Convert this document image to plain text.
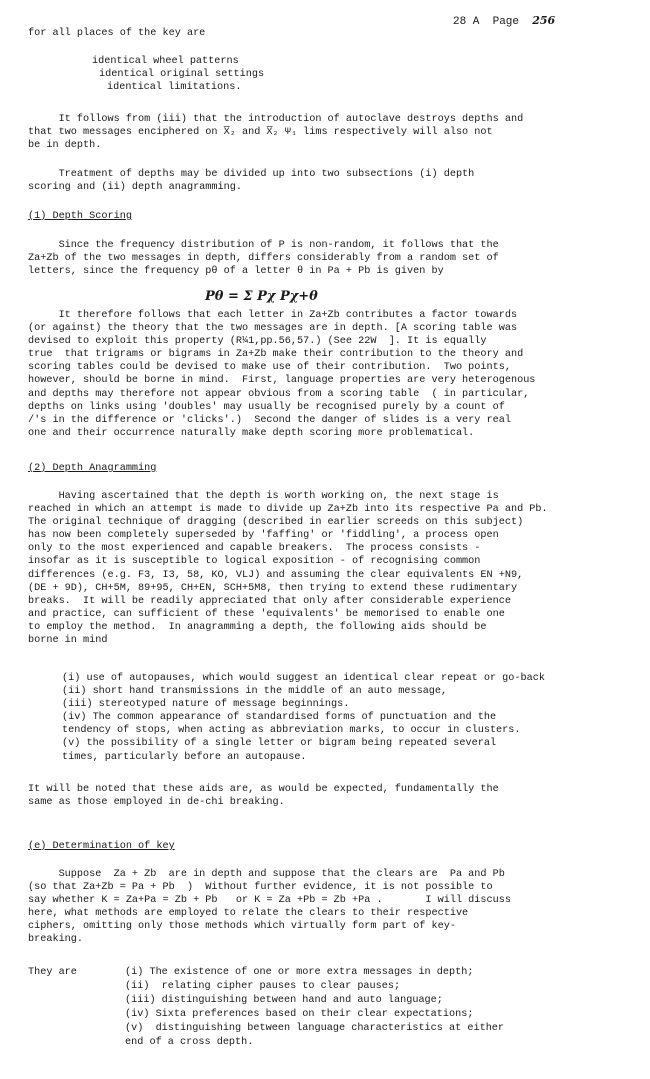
28 A Page 256
for all places of the key are
identical wheel patterns
identical original settings
identical limitations.
It follows from (iii) that the introduction of autoclave destroys depths and
that two messages enciphered on X̅₂ and X̅₂ Ψ₁ lims respectively will also not
be in depth.
Treatment of depths may be divided up into two subsections (i) depth
scoring and (ii) depth anagramming.
(1) Depth Scoring
Since the frequency distribution of P is non-random, it follows that the
Za+Zb of the two messages in depth, differs considerably from a random set of
letters, since the frequency pθ of a letter θ in Pa + Pb is given by
Pθ = Σ Pχ Pχ+θ
It therefore follows that each letter in Za+Zb contributes a factor towards
(or against) the theory that the two messages are in depth. [A scoring table was
devised to exploit this property (R¼1,pp.56,57.) (See 22W  ]. It is equally
true  that trigrams or bigrams in Za+Zb make their contribution to the theory and
scoring tables could be devised to make use of their contribution.  Two points,
however, should be borne in mind.  First, language properties are very heterogenous
and depths may therefore not appear obvious from a scoring table  ( in particular,
depths on links using 'doubles' may usually be recognised purely by a count of
/'s in the difference or 'clicks'.)  Second the danger of slides is a very real
one and their occurrence naturally make depth scoring more problematical.
(2) Depth Anagramming
Having ascertained that the depth is worth working on, the next stage is
reached in which an attempt is made to divide up Za+Zb into its respective Pa and Pb.
The original technique of dragging (described in earlier screeds on this subject)
has now been completely superseded by 'faffing' or 'fiddling', a process open
only to the most experienced and capable breakers.  The process consists -
insofar as it is susceptible to logical exposition - of recognising common
differences (e.g. F3, I3, 58, KO, VLJ) and assuming the clear equivalents EN +N9,
(DE + 9D), CH+5M, 89+95, CH+EN, SCH+5M8, then trying to extend these rudimentary
breaks.  It will be readily appreciated that only after considerable experience
and practice, can sufficient of these 'equivalents' be memorised to enable one
to employ the method.  In anagramming a depth, the following aids should be
borne in mind
(i) use of autopauses, which would suggest an identical clear repeat or go-back
(ii) short hand transmissions in the middle of an auto message,
(iii) stereotyped nature of message beginnings.
(iv) The common appearance of standardised forms of punctuation and the
tendency of stops, when acting as abbreviation marks, to occur in clusters.
(v) the possibility of a single letter or bigram being repeated several
times, particularly before an autopause.
It will be noted that these aids are, as would be expected, fundamentally the
same as those employed in de-chi breaking.
(e) Determination of key
Suppose  Za + Zb  are in depth and suppose that the clears are  Pa and Pb
(so that Za+Zb = Pa + Pb  )  Without further evidence, it is not possible to
say whether K = Za+Pa = Zb + Pb   or K = Za +Pb = Zb +Pa .       I will discuss
here, what methods are employed to relate the clears to their respective
ciphers, omitting only those methods which virtually form part of key-
breaking.
They are	(i) The existence of one or more extra messages in depth;
(ii)  relating cipher pauses to clear pauses;
(iii) distinguishing between hand and auto language;
(iv) Sixta preferences based on their clear expectations;
(v)  distinguishing between language characteristics at either
end of a cross depth.
